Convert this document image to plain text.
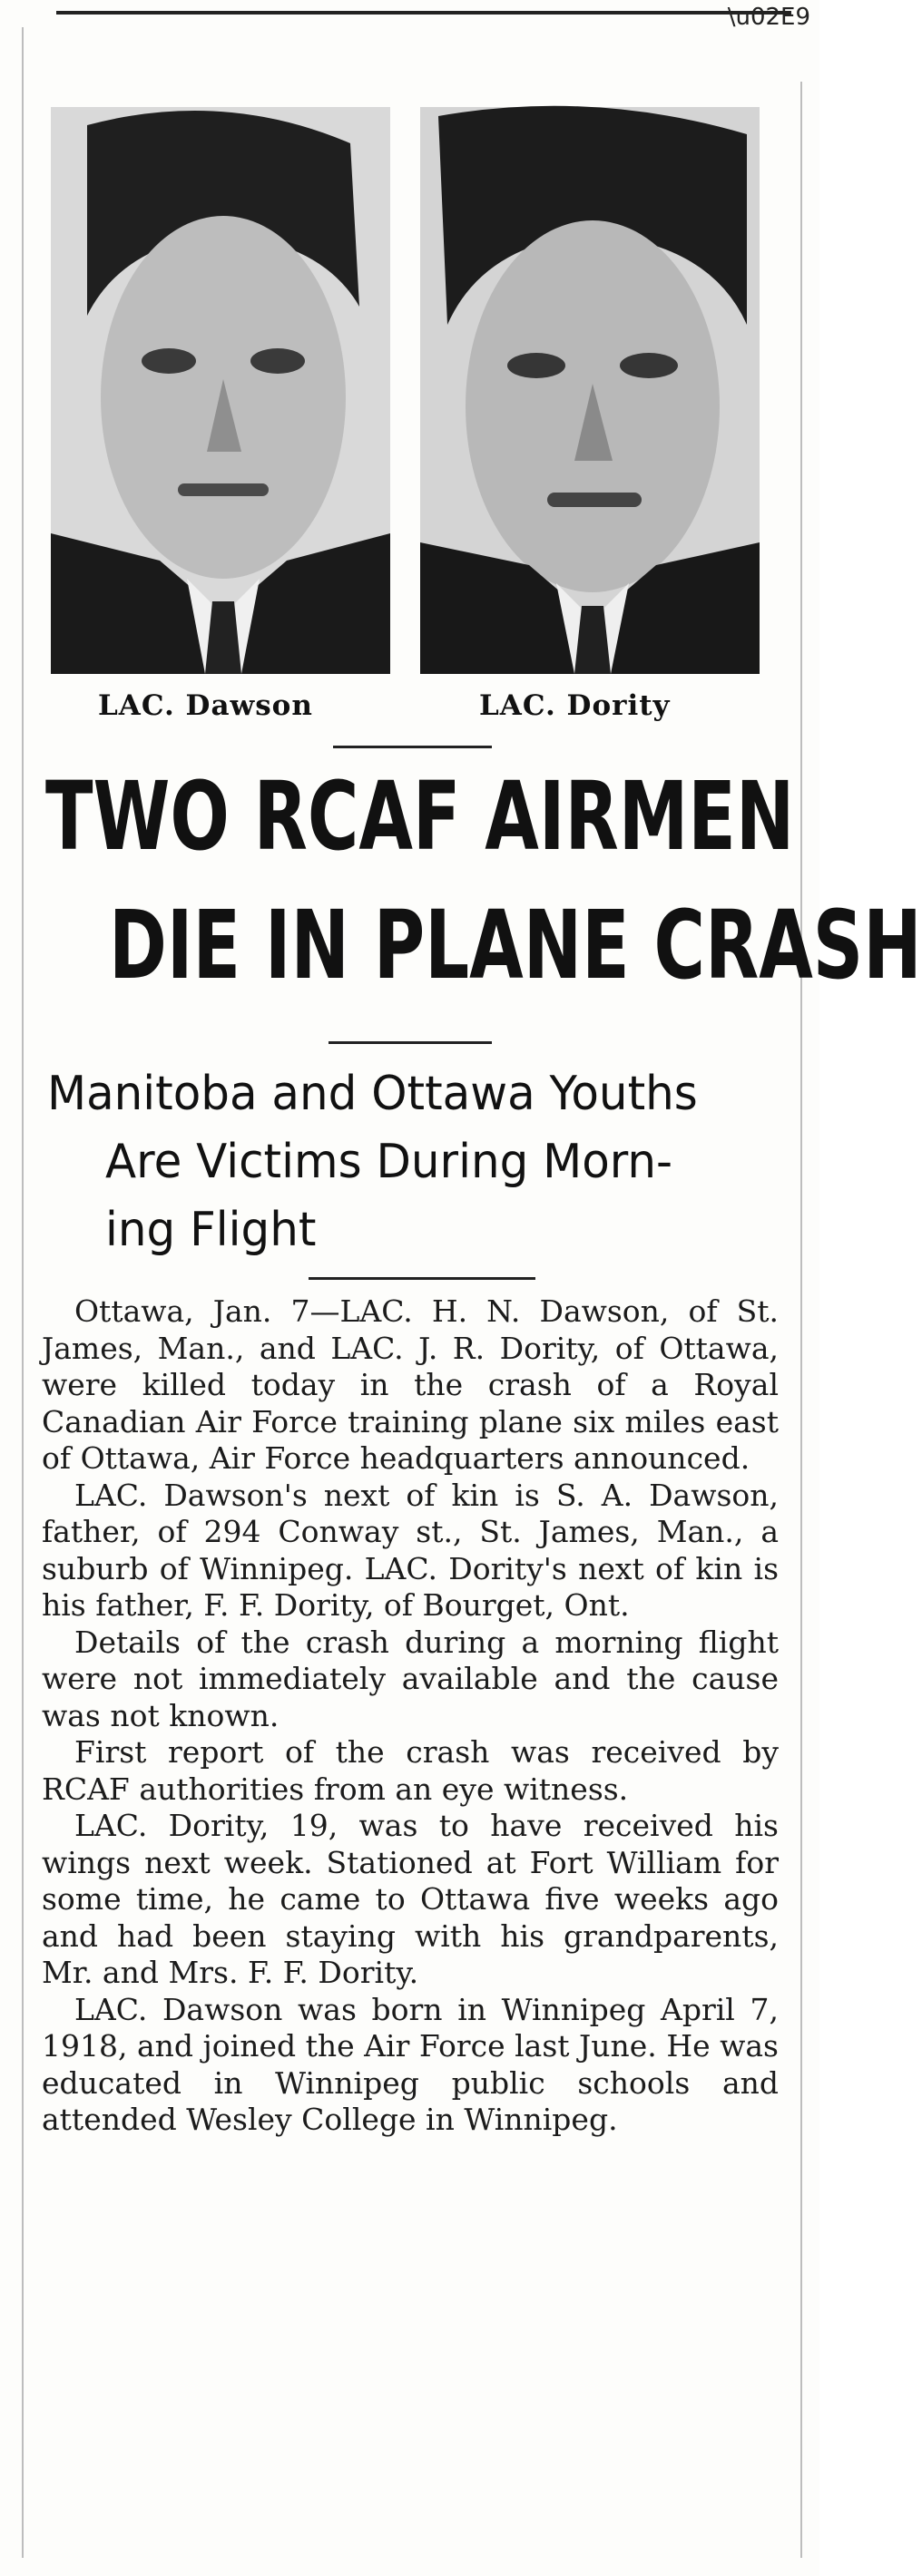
\u02E9
LAC. Dawson	LAC. Dority
TWO RCAF AIRMEN
DIE IN PLANE CRASH
Manitoba and Ottawa Youths
Are Victims During Morn-
ing Flight

Ottawa, Jan. 7—LAC. H. N. Dawson, of St. James, Man., and LAC. J. R. Dority, of Ottawa, were killed today in the crash of a Royal Canadian Air Force training plane six miles east of Ottawa, Air Force headquarters announced.

LAC. Dawson's next of kin is S. A. Dawson, father, of 294 Conway st., St. James, Man., a suburb of Winnipeg. LAC. Dority's next of kin is his father, F. F. Dority, of Bourget, Ont.

Details of the crash during a morning flight were not immediately available and the cause was not known.

First report of the crash was received by RCAF authorities from an eye witness.

LAC. Dority, 19, was to have received his wings next week. Stationed at Fort William for some time, he came to Ottawa five weeks ago and had been staying with his grandparents, Mr. and Mrs. F. F. Dority.

LAC. Dawson was born in Winnipeg April 7, 1918, and joined the Air Force last June. He was educated in Winnipeg public schools and attended Wesley College in Winnipeg.
